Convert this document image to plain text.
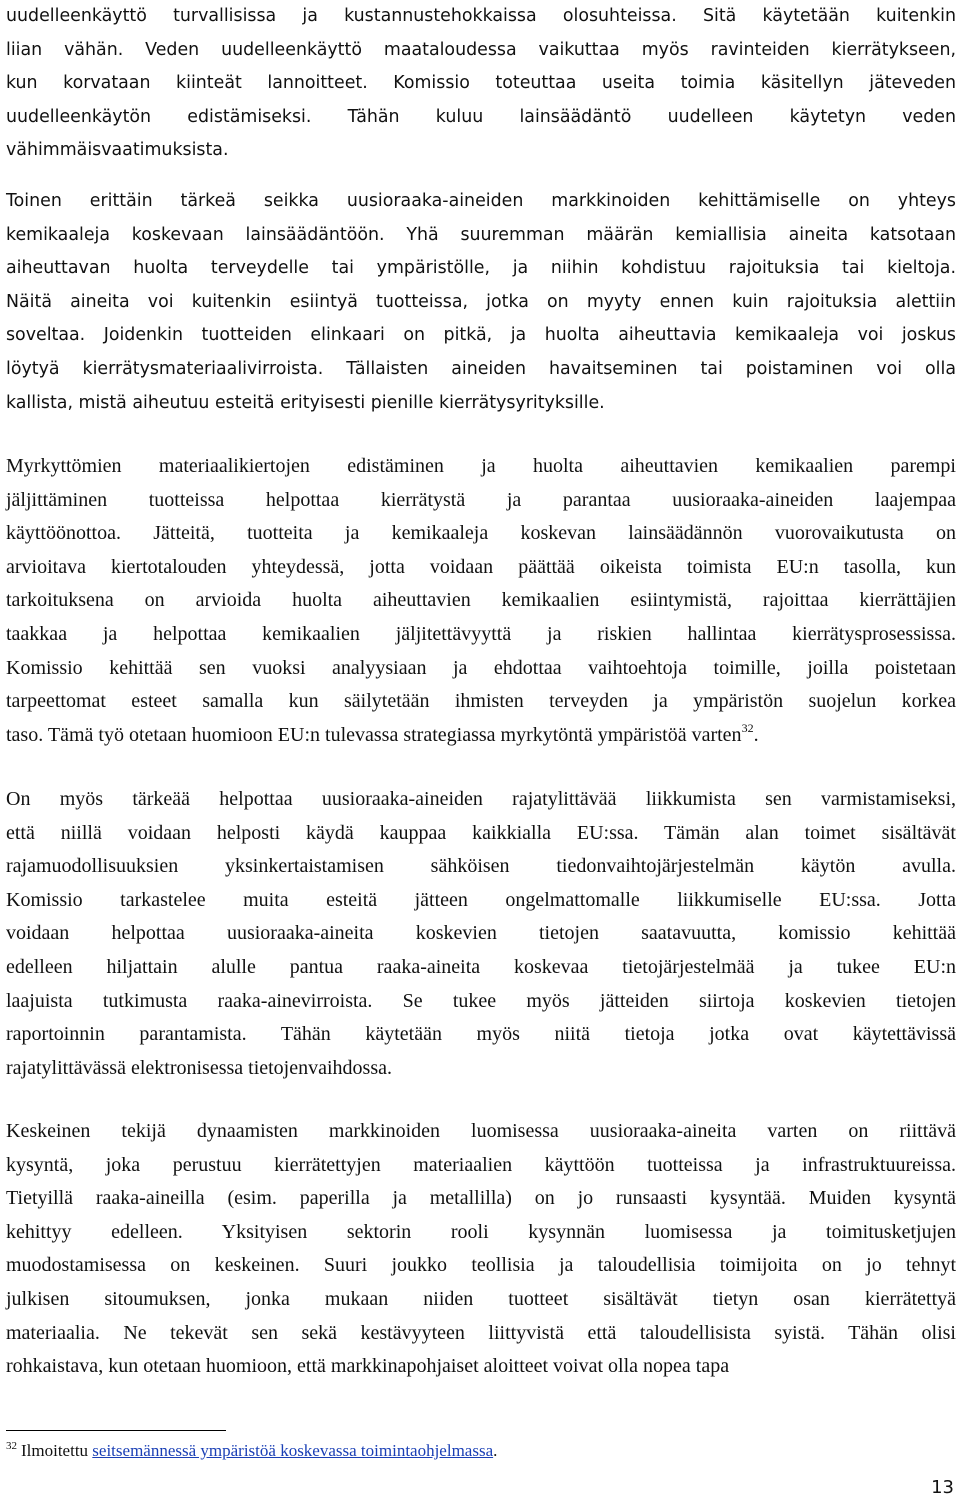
uudelleenkäyttö turvallisissa ja kustannustehokkaissa olosuhteissa. Sitä käytetään kuitenkin
liian vähän. Veden uudelleenkäyttö maataloudessa vaikuttaa myös ravinteiden kierrätykseen,
kun korvataan kiinteät lannoitteet. Komissio toteuttaa useita toimia käsitellyn jäteveden
uudelleenkäytön edistämiseksi. Tähän kuluu lainsäädäntö uudelleen käytetyn veden
vähimmäisvaatimuksista.
Toinen erittäin tärkeä seikka uusioraaka-aineiden markkinoiden kehittämiselle on yhteys
kemikaaleja koskevaan lainsäädäntöön. Yhä suuremman määrän kemiallisia aineita katsotaan
aiheuttavan huolta terveydelle tai ympäristölle, ja niihin kohdistuu rajoituksia tai kieltoja.
Näitä aineita voi kuitenkin esiintyä tuotteissa, jotka on myyty ennen kuin rajoituksia alettiin
soveltaa. Joidenkin tuotteiden elinkaari on pitkä, ja huolta aiheuttavia kemikaaleja voi joskus
löytyä kierrätysmateriaalivirroista. Tällaisten aineiden havaitseminen tai poistaminen voi olla
kallista, mistä aiheutuu esteitä erityisesti pienille kierrätysyrityksille.
Myrkyttömien materiaalikiertojen edistäminen ja huolta aiheuttavien kemikaalien parempi
jäljittäminen tuotteissa helpottaa kierrätystä ja parantaa uusioraaka-aineiden laajempaa
käyttöönottoa. Jätteitä, tuotteita ja kemikaaleja koskevan lainsäädännön vuorovaikutusta on
arvioitava kiertotalouden yhteydessä, jotta voidaan päättää oikeista toimista EU:n tasolla, kun
tarkoituksena on arvioida huolta aiheuttavien kemikaalien esiintymistä, rajoittaa kierrättäjien
taakkaa ja helpottaa kemikaalien jäljitettävyyttä ja riskien hallintaa kierrätysprosessissa.
Komissio kehittää sen vuoksi analyysiaan ja ehdottaa vaihtoehtoja toimille, joilla poistetaan
tarpeettomat esteet samalla kun säilytetään ihmisten terveyden ja ympäristön suojelun korkea
taso. Tämä työ otetaan huomioon EU:n tulevassa strategiassa myrkytöntä ympäristöä varten$^{32}$.
On myös tärkeää helpottaa uusioraaka-aineiden rajatylittävää liikkumista sen varmistamiseksi,
että niillä voidaan helposti käydä kauppaa kaikkialla EU:ssa. Tämän alan toimet sisältävät
rajamuodollisuuksien yksinkertaistamisen sähköisen tiedonvaihtojärjestelmän käytön avulla.
Komissio tarkastelee muita esteitä jätteen ongelmattomalle liikkumiselle EU:ssa. Jotta
voidaan helpottaa uusioraaka-aineita koskevien tietojen saatavuutta, komissio kehittää
edelleen hiljattain alulle pantua raaka-aineita koskevaa tietojärjestelmää ja tukee EU:n
laajuista tutkimusta raaka-ainevirroista. Se tukee myös jätteiden siirtoja koskevien tietojen
raportoinnin parantamista. Tähän käytetään myös niitä tietoja jotka ovat käytettävissä
rajatylittävässä elektronisessa tietojenvaihdossa.
Keskeinen tekijä dynaamisten markkinoiden luomisessa uusioraaka-aineita varten on riittävä
kysyntä, joka perustuu kierrätettyjen materiaalien käyttöön tuotteissa ja infrastruktuureissa.
Tietyillä raaka-aineilla (esim. paperilla ja metallilla) on jo runsaasti kysyntää. Muiden kysyntä
kehittyy edelleen. Yksityisen sektorin rooli kysynnän luomisessa ja toimitusketjujen
muodostamisessa on keskeinen. Suuri joukko teollisia ja taloudellisia toimijoita on jo tehnyt
julkisen sitoumuksen, jonka mukaan niiden tuotteet sisältävät tietyn osan kierrätettyä
materiaalia. Ne tekevät sen sekä kestävyyteen liittyvistä että taloudellisista syistä. Tähän olisi
rohkaistava, kun otetaan huomioon, että markkinapohjaiset aloitteet voivat olla nopea tapa
$^{32}$ Ilmoitettu seitsemännessä ympäristöä koskevassa toimintaohjelmassa.
13
